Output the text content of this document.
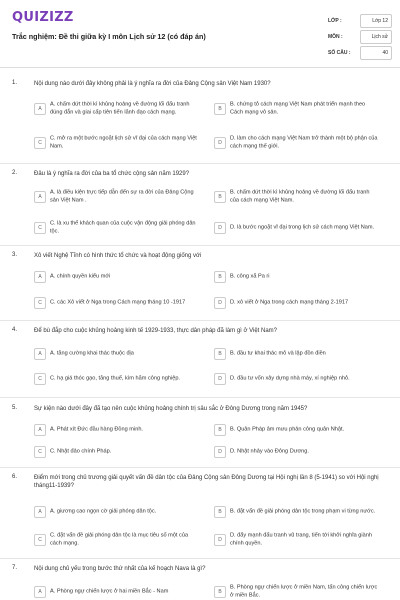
QUIZIZZ
Trắc nghiệm: Đề thi giữa kỳ I môn Lịch sử 12 (có đáp án)
LỚP :	Lớp 12
MÔN :	Lịch sử
SỐ CÂU :	40
1.	Nội dung nào dưới đây không phải là ý nghĩa ra đời của Đảng Cộng sản Việt Nam 1930?
A
A. chấm dứt thời kì khủng hoảng về đường lối đấu tranh đúng đắn và giai cấp tiên tiến lãnh đạo cách mạng.	B
B. chứng tỏ cách mạng Việt Nam phát triển mạnh theo Cách mạng vô sản.
C
C. mở ra một bước ngoặt lịch sử vĩ đại của cách mạng Việt Nam.	D
D. làm cho cách mạng Việt Nam trở thành một bộ phận của cách mạng thế giới.
2.	Đâu là ý nghĩa ra đời của ba tổ chức cộng sản năm 1929?
A
A. là điều kiện trực tiếp dẫn đến sự ra đời của Đảng Cộng sản Việt Nam .	B
B. chấm dứt thời kì khủng hoảng về đường lối đấu tranh của cách mạng Việt Nam.
C
C. là xu thế khách quan của cuộc vận động giải phóng dân tộc.	D	D. là bước ngoặt vĩ đại trong lịch sử cách mạng Việt Nam.
3.	Xô viết Nghệ Tĩnh có hình thức tổ chức và hoạt động giống với
A	A. chính quyền kiểu mới	B	B. công xã Pa ri
C	C. các Xô viết ở Nga trong Cách mạng tháng 10 -1917	D	D. xô viết ở Nga trong cách mạng tháng 2-1917
4.	Để bù đắp cho cuộc khủng hoảng kinh tế 1929-1933, thực dân pháp đã làm gì ở Việt Nam?
A	A. tăng cường khai thác thuộc địa	B	B. đầu tư khai thác mỏ và lập đồn điền
C	C. hạ giá thóc gạo, tăng thuế, kìm hãm công nghiệp.	D	D. đầu tư vốn xây dựng nhà máy, xí nghiệp nhỏ.
5.	Sự kiện nào dưới đây đã tạo nên cuộc khủng hoảng chính trị sâu sắc ở Đông Dương trong năm 1945?
A	A. Phát xít Đức đầu hàng Đồng minh.	B	B. Quân Pháp âm mưu phản công quân Nhật.
C	C. Nhật đảo chính Pháp.	D	D. Nhật nhảy vào Đông Dương.
6.	Điểm mới trong chủ trương giải quyết vấn đề dân tộc của Đảng Cộng sản Đông Dương tại Hội nghị lần 8 (5-1941) so với Hội nghị tháng11-1939?
A	A. giương cao ngọn cờ giải phóng dân tộc.	B	B. đặt vấn đề giải phóng dân tộc trong phạm vi từng nước.
C
C. đặt vấn đề giải phóng dân tộc là mục tiêu số một của cách mạng.	D
D. đẩy mạnh đấu tranh vũ trang, tiến tới khởi nghĩa giành chính quyền.
7.	Nội dung chủ yếu trong bước thứ nhất của kế hoạch Nava là gì?
A	A. Phòng ngự chiến lược ở hai miền Bắc - Nam	B
B. Phòng ngự chiến lược ở miền Nam, tấn công chiến lược ở miền Bắc.
